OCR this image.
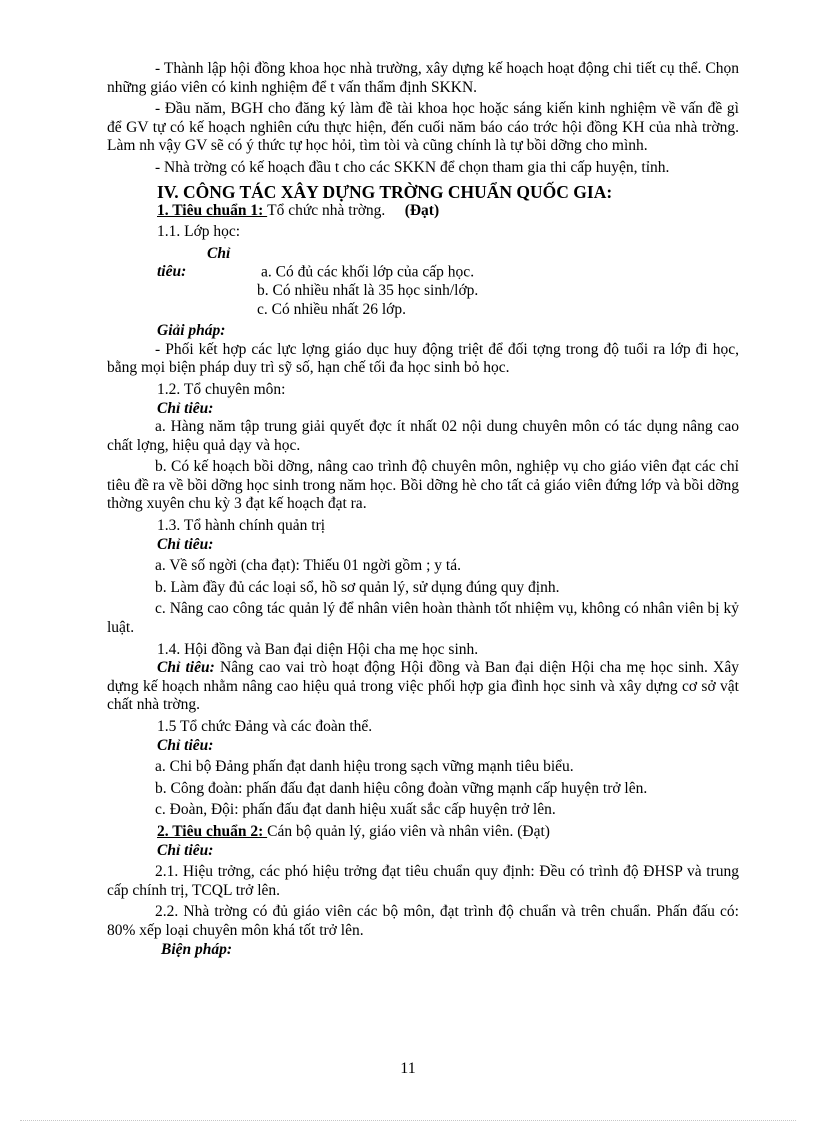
- Thành lập hội đồng khoa học nhà trường, xây dựng kế hoạch hoạt động chi tiết cụ thể. Chọn những giáo viên có kinh nghiệm để t vấn thẩm định SKKN.

- Đầu năm, BGH cho đăng ký làm đề tài khoa học hoặc sáng kiến kinh nghiệm về vấn đề gì để GV tự có kế hoạch nghiên cứu thực hiện, đến cuối năm báo cáo trớc hội đồng KH của nhà trờng. Làm nh vậy GV sẽ có ý thức tự học hỏi, tìm tòi và cũng chính là tự bồi dỡng cho mình.

- Nhà trờng có kế hoạch đầu t cho các SKKN để chọn tham gia thi cấp huyện, tỉnh.

IV. CÔNG TÁC XÂY DỰNG TRỜNG CHUẨN QUỐC GIA:

1. Tiêu chuẩn 1: Tổ chức nhà trờng. (Đạt)

1.1. Lớp học:

Chỉ tiêu:	a. Có đủ các khối lớp của cấp học.

b. Có nhiều nhất là 35 học sinh/lớp.

c. Có nhiều nhất 26 lớp.

Giải pháp:

- Phối kết hợp các lực lợng giáo dục huy động triệt để đối tợng trong độ tuổi ra lớp đi học, bằng mọi biện pháp duy trì sỹ số, hạn chế tối đa học sinh bỏ học.

1.2. Tổ chuyên môn:

Chỉ tiêu:

a. Hàng năm tập trung giải quyết đợc ít nhất 02 nội dung chuyên môn có tác dụng nâng cao chất lợng, hiệu quả dạy và học.

b. Có kế hoạch bồi dỡng, nâng cao trình độ chuyên môn, nghiệp vụ cho giáo viên đạt các chỉ tiêu đề ra về bồi dỡng học sinh trong năm học. Bồi dỡng hè cho tất cả giáo viên đứng lớp và bồi dỡng thờng xuyên chu kỳ 3 đạt kế hoạch đạt ra.

1.3. Tổ hành chính quản trị

Chỉ tiêu:

a. Về số ngời (cha đạt): Thiếu 01 ngời gồm ; y tá.

b. Làm đầy đủ các loại sổ, hồ sơ quản lý, sử dụng đúng quy định.

c. Nâng cao công tác quản lý để nhân viên hoàn thành tốt nhiệm vụ, không có nhân viên bị kỷ luật.

1.4. Hội đồng và Ban đại diện Hội cha mẹ học sinh.

Chỉ tiêu: Nâng cao vai trò hoạt động Hội đồng và Ban đại diện Hội cha mẹ học sinh. Xây dựng kế hoạch nhằm nâng cao hiệu quả trong việc phối hợp gia đình học sinh và xây dựng cơ sở vật chất nhà trờng.

1.5 Tổ chức Đảng và các đoàn thể.

Chỉ tiêu:

a. Chi bộ Đảng phấn đạt danh hiệu trong sạch vững mạnh tiêu biểu.

b. Công đoàn: phấn đấu đạt danh hiệu công đoàn vững mạnh cấp huyện trở lên.

c. Đoàn, Đội: phấn đấu đạt danh hiệu xuất sắc cấp huyện trở lên.

2. Tiêu chuẩn 2: Cán bộ quản lý, giáo viên và nhân viên. (Đạt)

Chỉ tiêu:

2.1. Hiệu trởng, các phó hiệu trởng đạt tiêu chuẩn quy định: Đều có trình độ ĐHSP và trung cấp chính trị, TCQL trở lên.

2.2. Nhà trờng có đủ giáo viên các bộ môn, đạt trình độ chuẩn và trên chuẩn. Phấn đấu có: 80% xếp loại chuyên môn khá tốt trở lên.

Biện pháp:

11
